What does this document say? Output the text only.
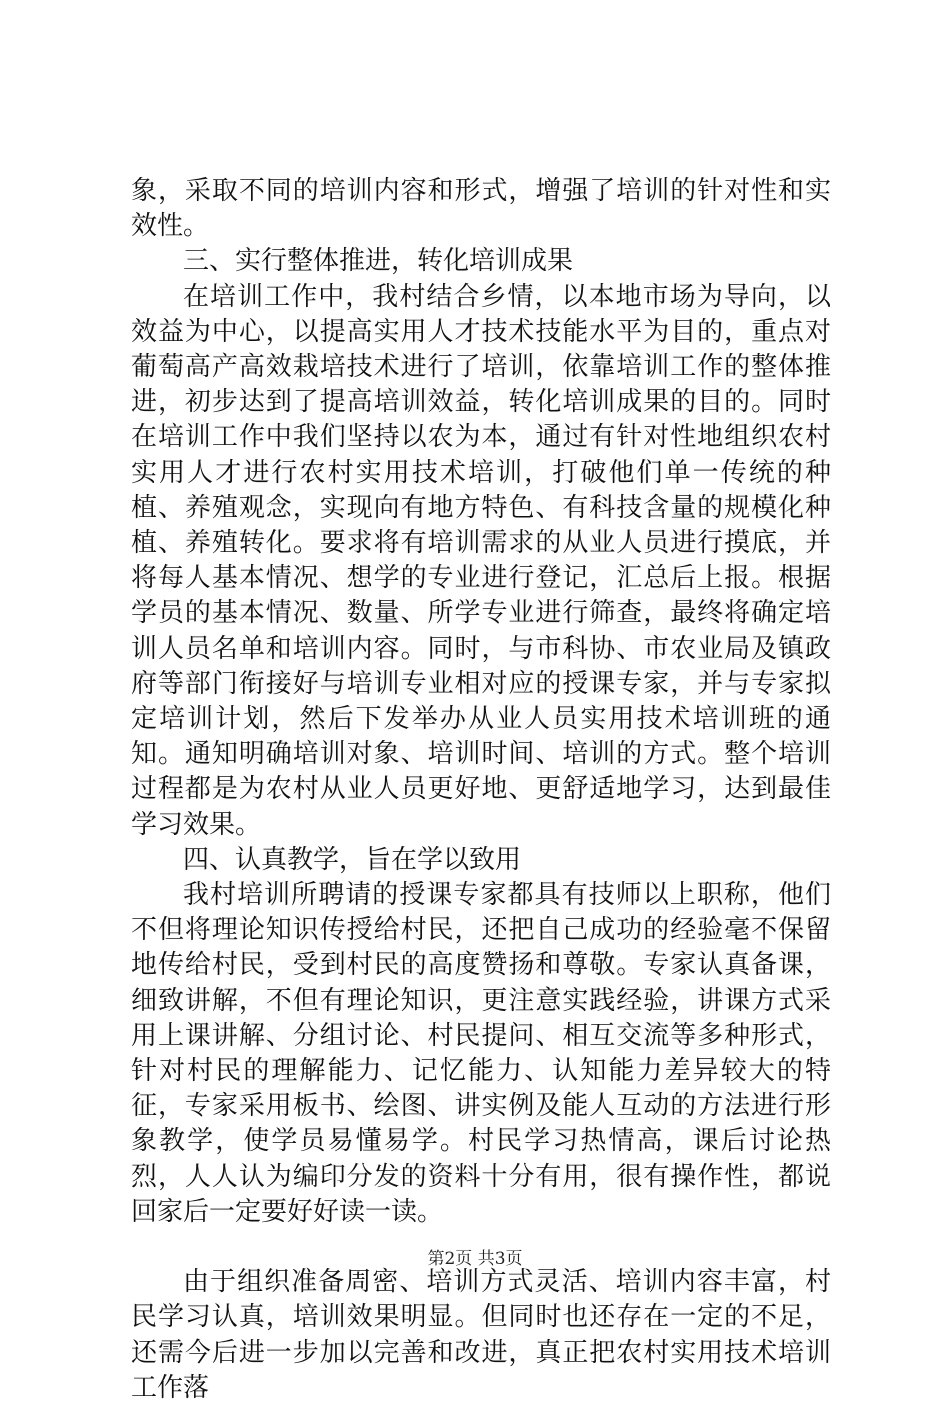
象，采取不同的培训内容和形式，增强了培训的针对性和实效性。

三、实行整体推进，转化培训成果

在培训工作中，我村结合乡情，以本地市场为导向，以效益为中心，以提高实用人才技术技能水平为目的，重点对葡萄高产高效栽培技术进行了培训，依靠培训工作的整体推进，初步达到了提高培训效益，转化培训成果的目的。同时在培训工作中我们坚持以农为本，通过有针对性地组织农村实用人才进行农村实用技术培训，打破他们单一传统的种植、养殖观念，实现向有地方特色、有科技含量的规模化种植、养殖转化。要求将有培训需求的从业人员进行摸底，并将每人基本情况、想学的专业进行登记，汇总后上报。根据学员的基本情况、数量、所学专业进行筛查，最终将确定培训人员名单和培训内容。同时，与市科协、市农业局及镇政府等部门衔接好与培训专业相对应的授课专家，并与专家拟定培训计划，然后下发举办从业人员实用技术培训班的通知。通知明确培训对象、培训时间、培训的方式。整个培训过程都是为农村从业人员更好地、更舒适地学习，达到最佳学习效果。

四、认真教学，旨在学以致用

我村培训所聘请的授课专家都具有技师以上职称，他们不但将理论知识传授给村民，还把自己成功的经验毫不保留地传给村民，受到村民的高度赞扬和尊敬。专家认真备课，细致讲解，不但有理论知识，更注意实践经验，讲课方式采用上课讲解、分组讨论、村民提问、相互交流等多种形式，针对村民的理解能力、记忆能力、认知能力差异较大的特征，专家采用板书、绘图、讲实例及能人互动的方法进行形象教学，使学员易懂易学。村民学习热情高，课后讨论热烈，人人认为编印分发的资料十分有用，很有操作性，都说回家后一定要好好读一读。

由于组织准备周密、培训方式灵活、培训内容丰富，村民学习认真，培训效果明显。但同时也还存在一定的不足，还需今后进一步加以完善和改进，真正把农村实用技术培训工作落

第2页 共3页
